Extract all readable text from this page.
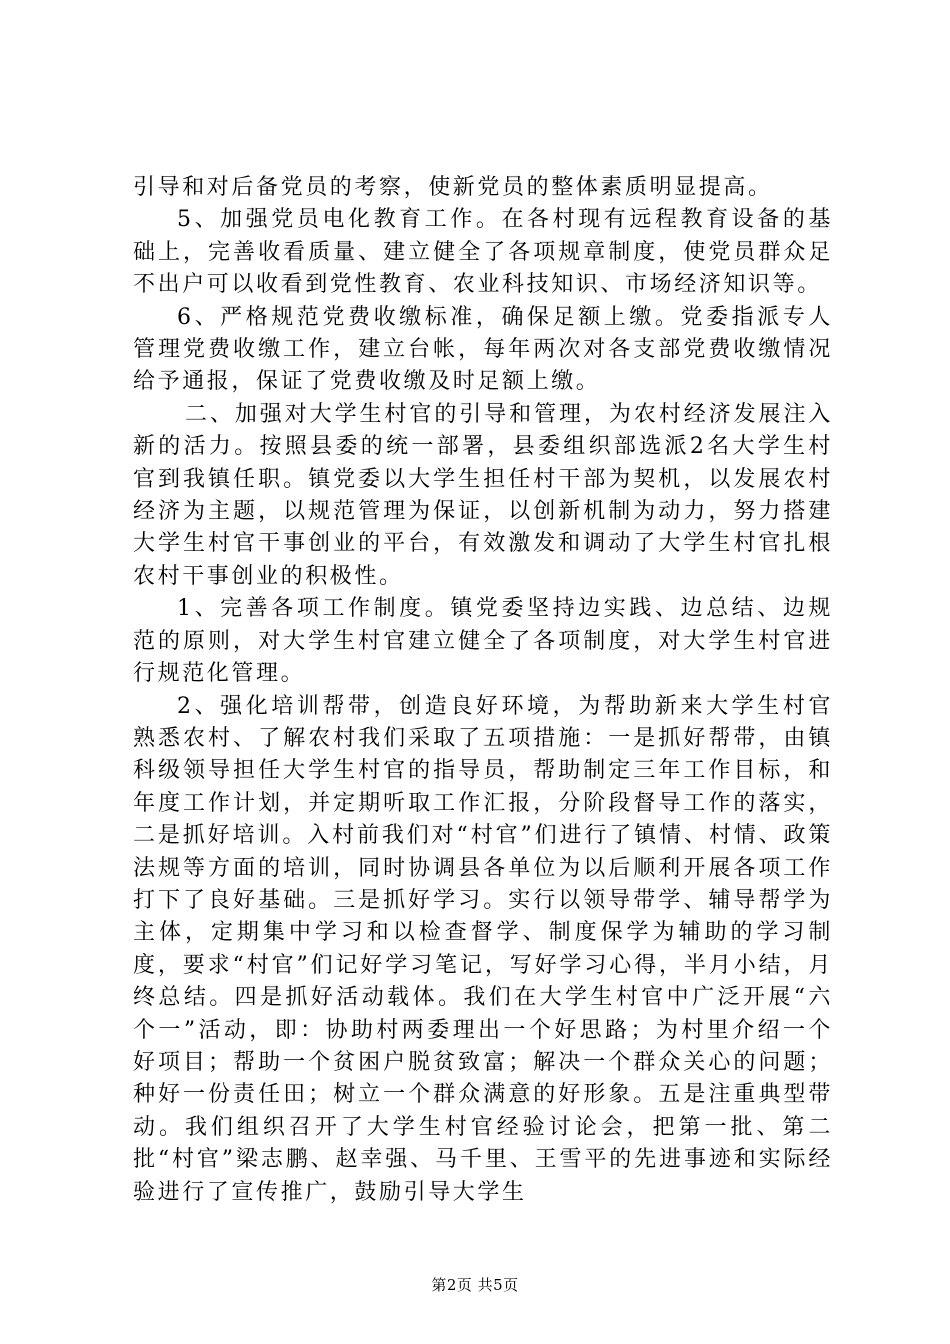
引导和对后备党员的考察，使新党员的整体素质明显提高。

5、加强党员电化教育工作。在各村现有远程教育设备的基础上，完善收看质量、建立健全了各项规章制度，使党员群众足不出户可以收看到党性教育、农业科技知识、市场经济知识等。

6、严格规范党费收缴标准，确保足额上缴。党委指派专人管理党费收缴工作，建立台帐，每年两次对各支部党费收缴情况给予通报，保证了党费收缴及时足额上缴。

二、加强对大学生村官的引导和管理，为农村经济发展注入新的活力。按照县委的统一部署，县委组织部选派2名大学生村官到我镇任职。镇党委以大学生担任村干部为契机，以发展农村经济为主题，以规范管理为保证，以创新机制为动力，努力搭建大学生村官干事创业的平台，有效激发和调动了大学生村官扎根农村干事创业的积极性。

1、完善各项工作制度。镇党委坚持边实践、边总结、边规范的原则，对大学生村官建立健全了各项制度，对大学生村官进行规范化管理。

2、强化培训帮带，创造良好环境，为帮助新来大学生村官熟悉农村、了解农村我们采取了五项措施：一是抓好帮带，由镇科级领导担任大学生村官的指导员，帮助制定三年工作目标，和年度工作计划，并定期听取工作汇报，分阶段督导工作的落实，二是抓好培训。入村前我们对“村官”们进行了镇情、村情、政策法规等方面的培训，同时协调县各单位为以后顺利开展各项工作打下了良好基础。三是抓好学习。实行以领导带学、辅导帮学为主体，定期集中学习和以检查督学、制度保学为辅助的学习制度，要求“村官”们记好学习笔记，写好学习心得，半月小结，月终总结。四是抓好活动载体。我们在大学生村官中广泛开展“六个一”活动，即：协助村两委理出一个好思路；为村里介绍一个好项目；帮助一个贫困户脱贫致富；解决一个群众关心的问题；种好一份责任田；树立一个群众满意的好形象。五是注重典型带动。我们组织召开了大学生村官经验讨论会，把第一批、第二批“村官”梁志鹏、赵幸强、马千里、王雪平的先进事迹和实际经验进行了宣传推广，鼓励引导大学生

第2页 共5页
